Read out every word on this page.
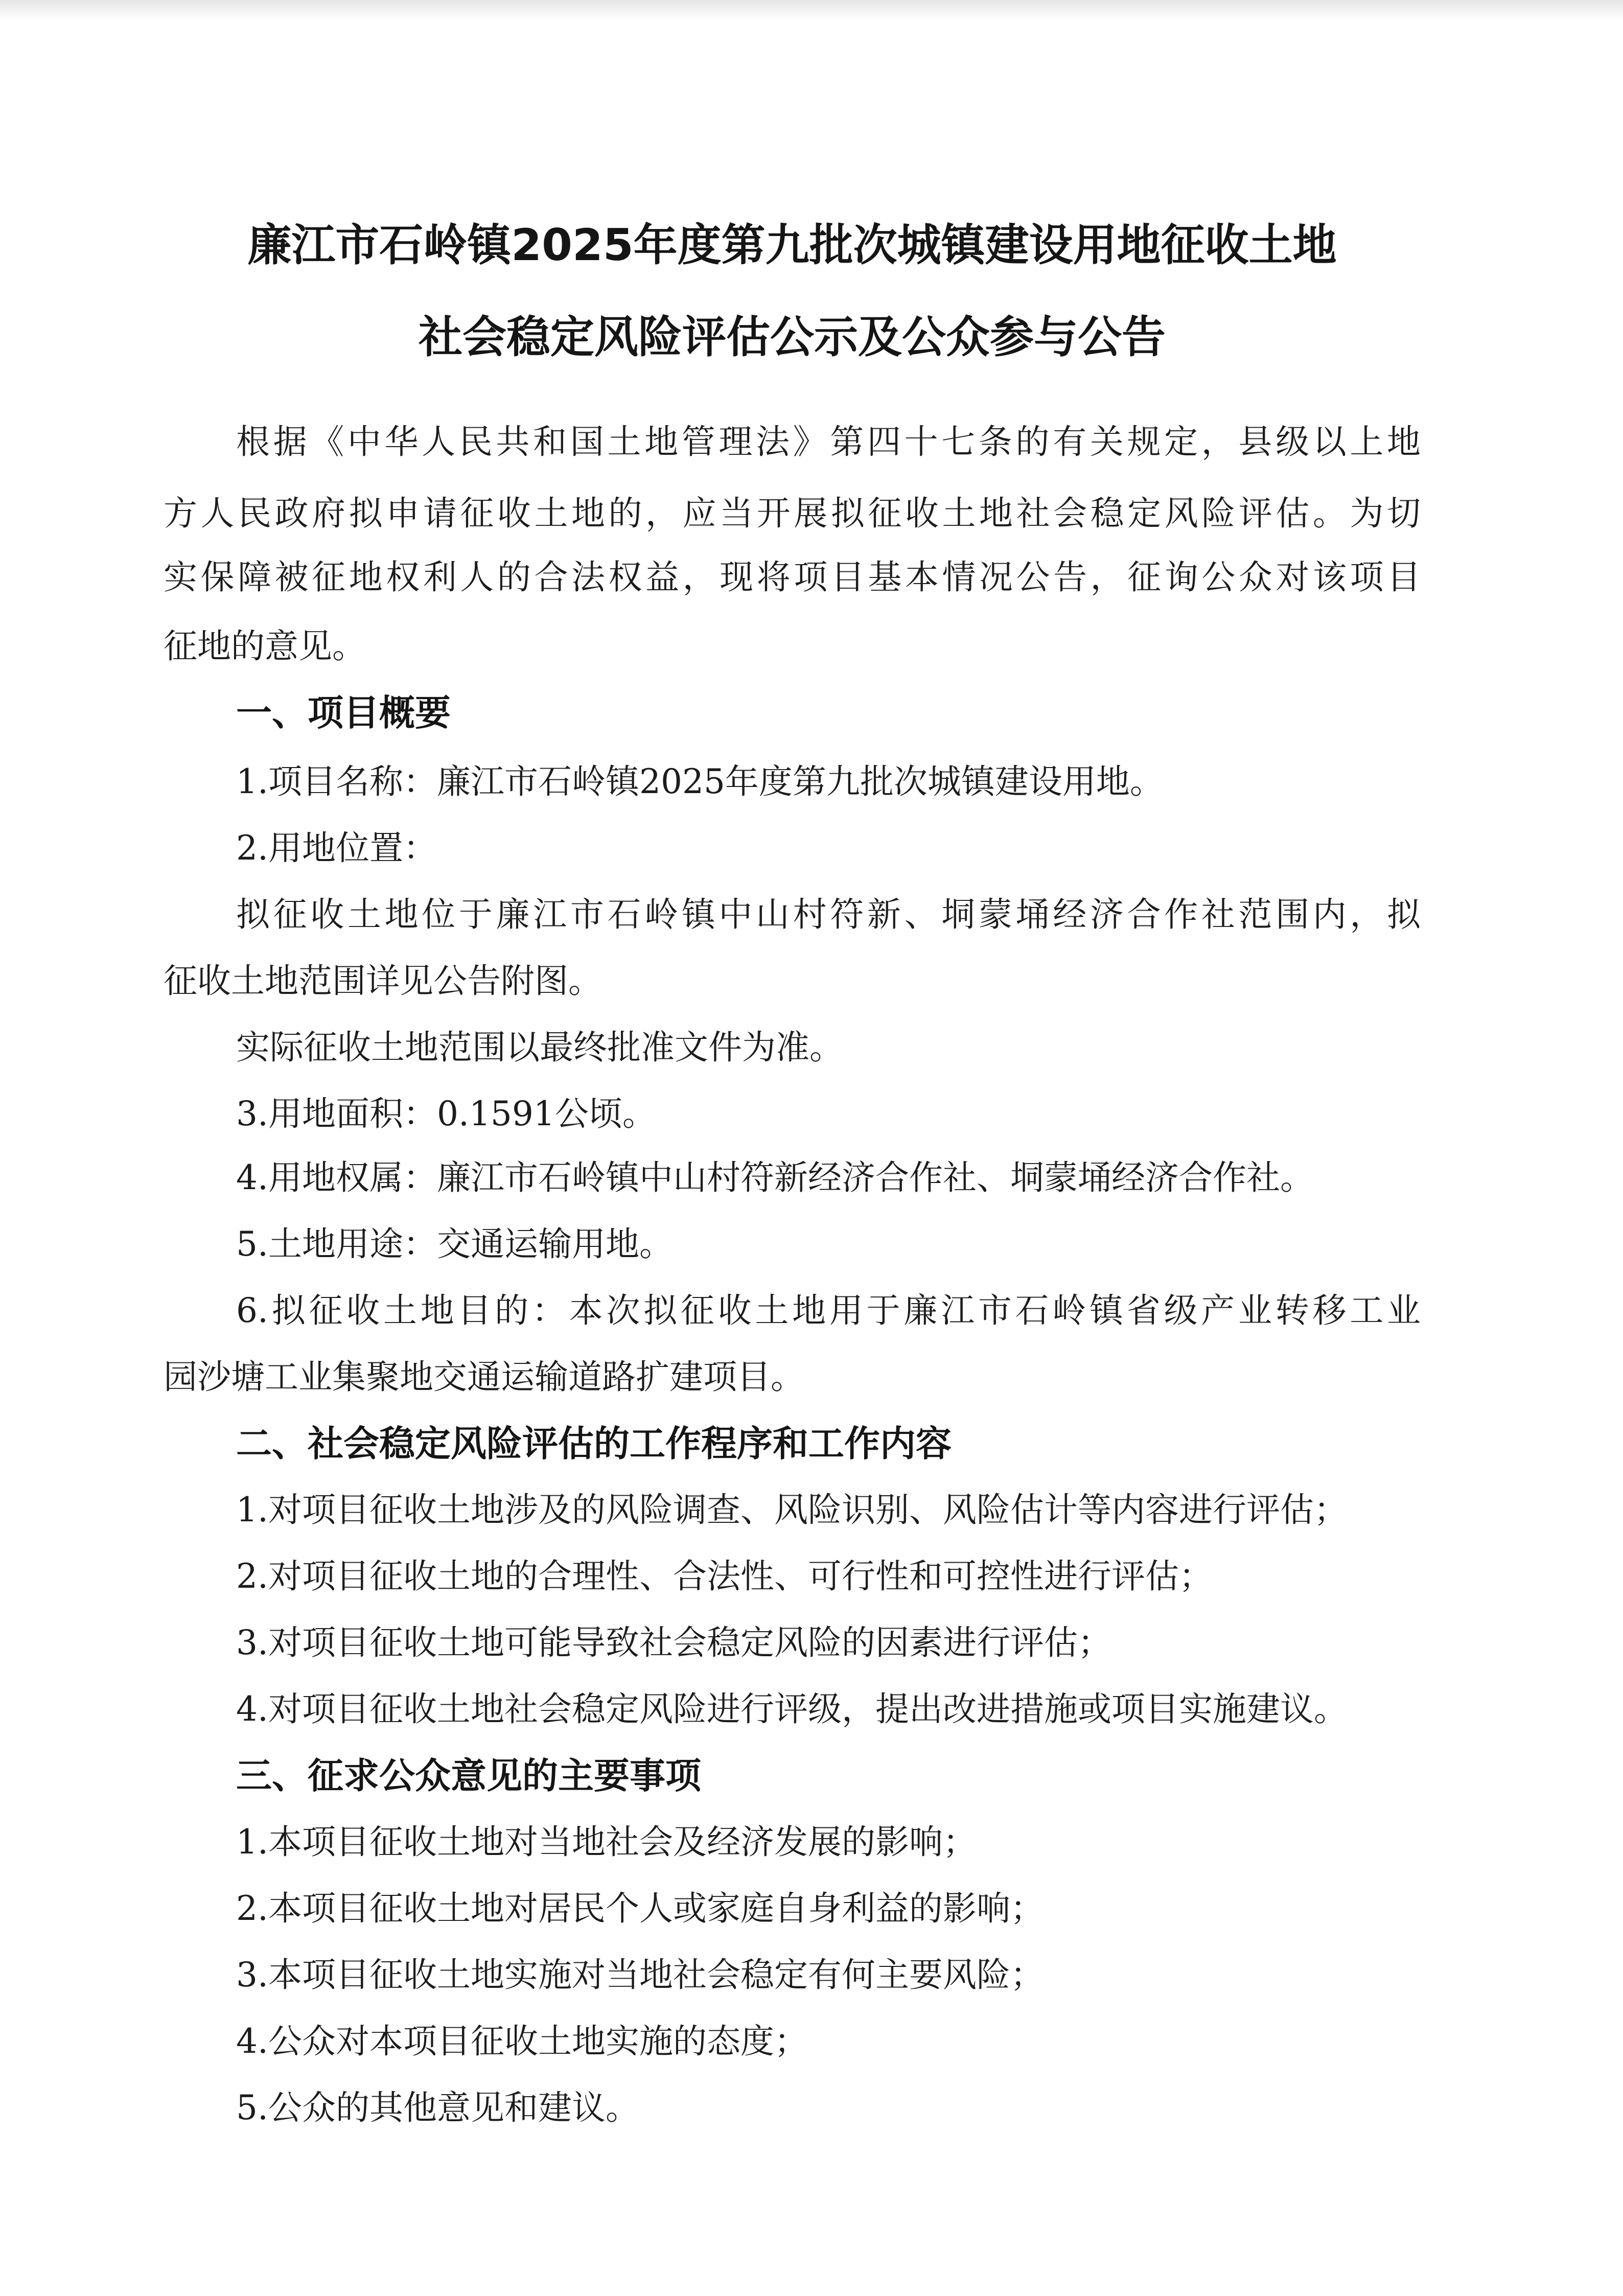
廉江市石岭镇2025年度第九批次城镇建设用地征收土地
社会稳定风险评估公示及公众参与公告
根据《中华人民共和国土地管理法》第四十七条的有关规定，县级以上地
方人民政府拟申请征收土地的，应当开展拟征收土地社会稳定风险评估。为切
实保障被征地权利人的合法权益，现将项目基本情况公告，征询公众对该项目
征地的意见。
一、项目概要
1.项目名称：廉江市石岭镇2025年度第九批次城镇建设用地。
2.用地位置：
拟征收土地位于廉江市石岭镇中山村符新、垌蒙埇经济合作社范围内，拟
征收土地范围详见公告附图。
实际征收土地范围以最终批准文件为准。
3.用地面积：0.1591公顷。
4.用地权属：廉江市石岭镇中山村符新经济合作社、垌蒙埇经济合作社。
5.土地用途：交通运输用地。
6.拟征收土地目的：本次拟征收土地用于廉江市石岭镇省级产业转移工业
园沙塘工业集聚地交通运输道路扩建项目。
二、社会稳定风险评估的工作程序和工作内容
1.对项目征收土地涉及的风险调查、风险识别、风险估计等内容进行评估；
2.对项目征收土地的合理性、合法性、可行性和可控性进行评估；
3.对项目征收土地可能导致社会稳定风险的因素进行评估；
4.对项目征收土地社会稳定风险进行评级，提出改进措施或项目实施建议。
三、征求公众意见的主要事项
1.本项目征收土地对当地社会及经济发展的影响；
2.本项目征收土地对居民个人或家庭自身利益的影响；
3.本项目征收土地实施对当地社会稳定有何主要风险；
4.公众对本项目征收土地实施的态度；
5.公众的其他意见和建议。
